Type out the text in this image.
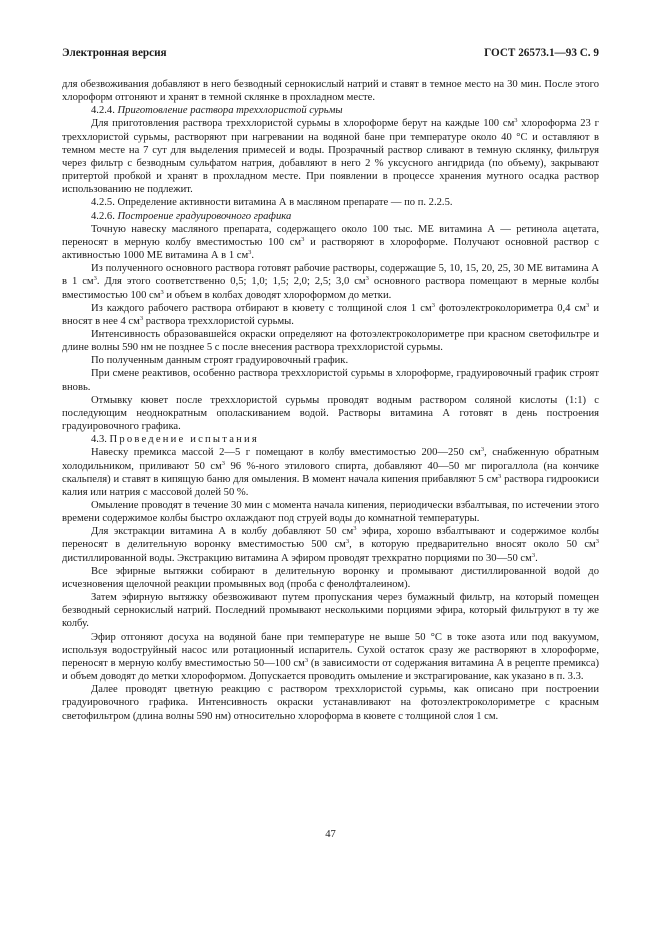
Электронная версия	ГОСТ 26573.1—93 С. 9

для обезвоживания добавляют в него безводный сернокислый натрий и ставят в темное место на 30 мин. После этого хлороформ отгоняют и хранят в темной склянке в прохладном месте.

4.2.4. Приготовление раствора треххлористой сурьмы

Для приготовления раствора треххлористой сурьмы в хлороформе берут на каждые 100 $см^3$ хлороформа 23 г треххлористой сурьмы, растворяют при нагревании на водяной бане при температуре около 40 °С и оставляют в темном месте на 7 сут для выделения примесей и воды. Прозрачный раствор сливают в темную склянку, фильтруя через фильтр с безводным сульфатом натрия, добавляют в него 2 % уксусного ангидрида (по объему), закрывают притертой пробкой и хранят в прохладном месте. При появлении в процессе хранения мутного осадка раствор использованию не подлежит.

4.2.5. Определение активности витамина А в масляном препарате — по п. 2.2.5.

4.2.6. Построение градуировочного графика

Точную навеску масляного препарата, содержащего около 100 тыс. МЕ витамина А — ретинола ацетата, переносят в мерную колбу вместимостью 100 $см^3$ и растворяют в хлороформе. Получают основной раствор с активностью 1000 МЕ витамина А в 1 $см^3$.

Из полученного основного раствора готовят рабочие растворы, содержащие 5, 10, 15, 20, 25, 30 МЕ витамина А в 1 $см^3$. Для этого соответственно 0,5; 1,0; 1,5; 2,0; 2,5; 3,0 $см^3$ основного раствора помещают в мерные колбы вместимостью 100 $см^3$ и объем в колбах доводят хлороформом до метки.

Из каждого рабочего раствора отбирают в кювету с толщиной слоя 1 $см^3$ фотоэлектроколориметра 0,4 $см^3$ и вносят в нее 4 $см^3$ раствора треххлористой сурьмы.

Интенсивность образовавшейся окраски определяют на фотоэлектроколориметре при красном светофильтре и длине волны 590 нм не позднее 5 с после внесения раствора треххлористой сурьмы.

По полученным данным строят градуировочный график.

При смене реактивов, особенно раствора треххлористой сурьмы в хлороформе, градуировочный график строят вновь.

Отмывку кювет после треххлористой сурьмы проводят водным раствором соляной кислоты (1:1) с последующим неоднократным ополаскиванием водой. Растворы витамина А готовят в день построения градуировочного графика.

4.3. Проведение испытания

Навеску премикса массой 2—5 г помещают в колбу вместимостью 200—250 $см^3$, снабженную обратным холодильником, приливают 50 $см^3$ 96 %-ного этилового спирта, добавляют 40—50 мг пирогаллола (на кончике скальпеля) и ставят в кипящую баню для омыления. В момент начала кипения прибавляют 5 $см^3$ раствора гидроокиси калия или натрия с массовой долей 50 %.

Омыление проводят в течение 30 мин с момента начала кипения, периодически взбалтывая, по истечении этого времени содержимое колбы быстро охлаждают под струей воды до комнатной температуры.

Для экстракции витамина А в колбу добавляют 50 $см^3$ эфира, хорошо взбалтывают и содержимое колбы переносят в делительную воронку вместимостью 500 $см^3$, в которую предварительно вносят около 50 $см^3$ дистиллированной воды. Экстракцию витамина А эфиром проводят трехкратно порциями по 30—50 $см^3$.

Все эфирные вытяжки собирают в делительную воронку и промывают дистиллированной водой до исчезновения щелочной реакции промывных вод (проба с фенолфталеином).

Затем эфирную вытяжку обезвоживают путем пропускания через бумажный фильтр, на который помещен безводный сернокислый натрий. Последний промывают несколькими порциями эфира, который фильтруют в ту же колбу.

Эфир отгоняют досуха на водяной бане при температуре не выше 50 °С в токе азота или под вакуумом, используя водоструйный насос или ротационный испаритель. Сухой остаток сразу же растворяют в хлороформе, переносят в мерную колбу вместимостью 50—100 $см^3$ (в зависимости от содержания витамина А в рецепте премикса) и объем доводят до метки хлороформом. Допускается проводить омыление и экстрагирование, как указано в п. 3.3.

Далее проводят цветную реакцию с раствором треххлористой сурьмы, как описано при построении градуировочного графика. Интенсивность окраски устанавливают на фотоэлектроколориметре с красным светофильтром (длина волны 590 нм) относительно хлороформа в кювете с толщиной слоя 1 см.

47
